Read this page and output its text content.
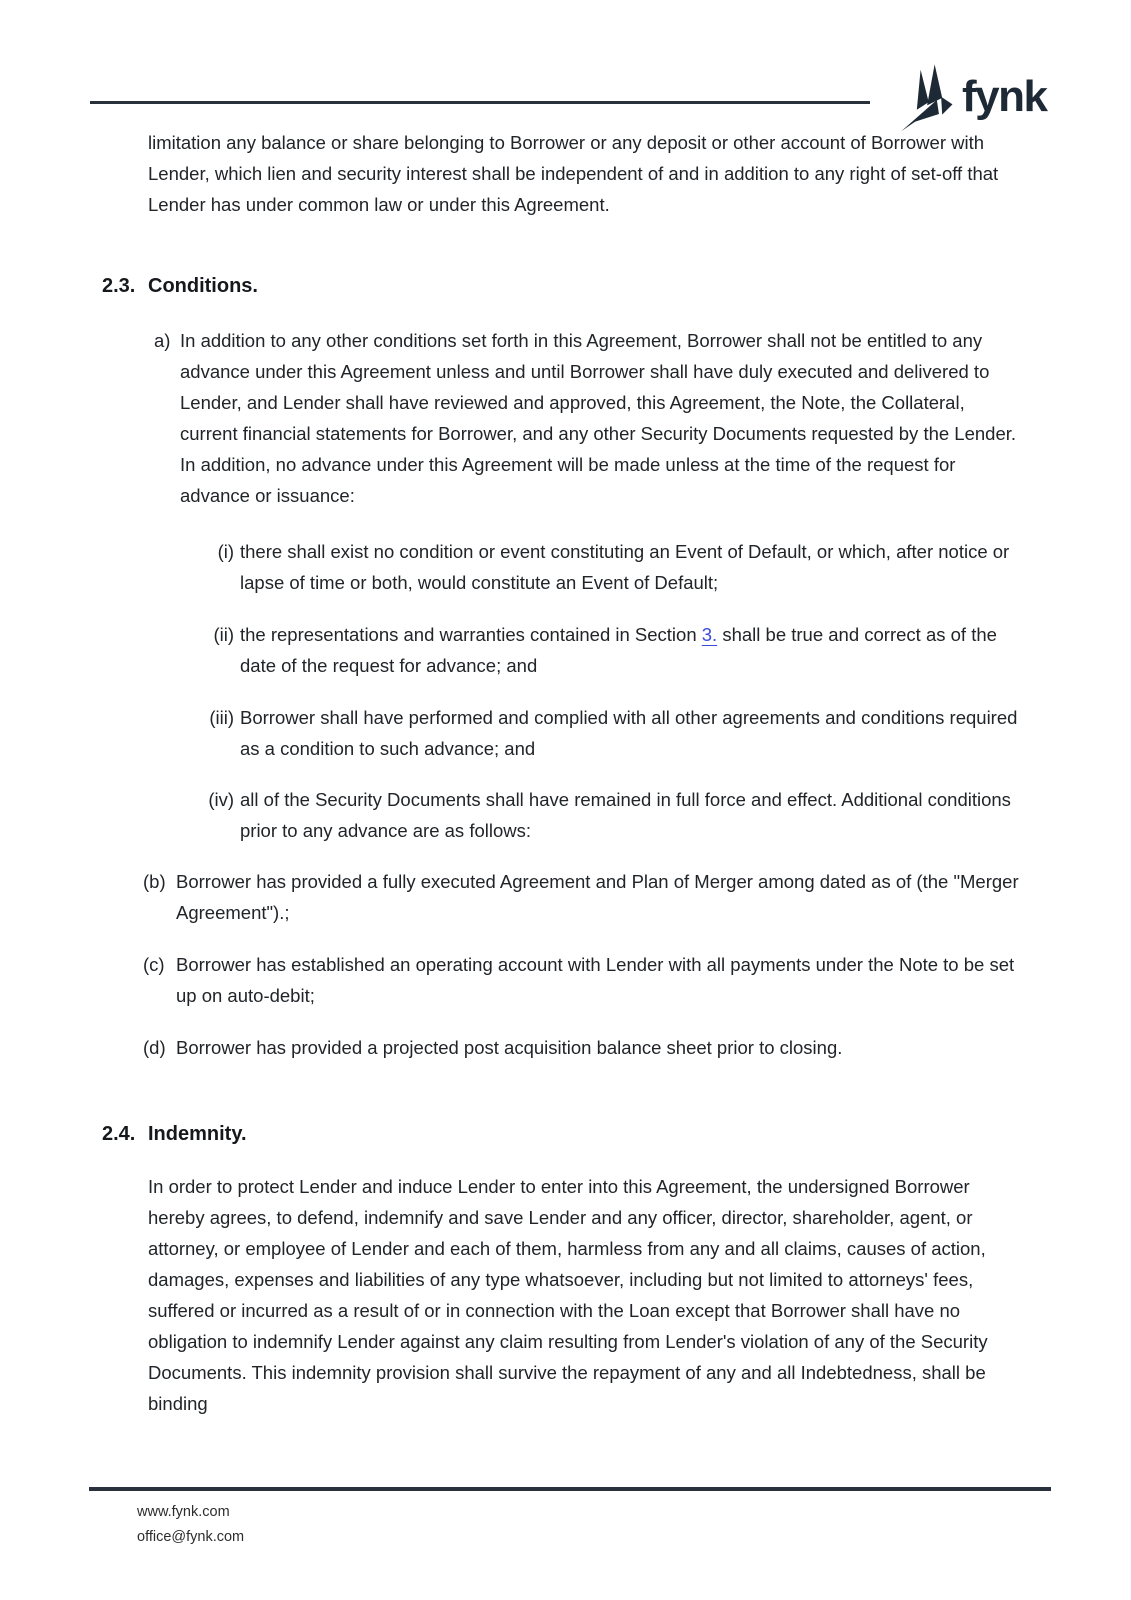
fynk

limitation any balance or share belonging to Borrower or any deposit or other account of Borrower with Lender, which lien and security interest shall be independent of and in addition to any right of set-off that Lender has under common law or under this Agreement.

2.3. Conditions.
a) In addition to any other conditions set forth in this Agreement, Borrower shall not be entitled to any advance under this Agreement unless and until Borrower shall have duly executed and delivered to Lender, and Lender shall have reviewed and approved, this Agreement, the Note, the Collateral, current financial statements for Borrower, and any other Security Documents requested by the Lender. In addition, no advance under this Agreement will be made unless at the time of the request for advance or issuance:
(i) there shall exist no condition or event constituting an Event of Default, or which, after notice or lapse of time or both, would constitute an Event of Default;
(ii) the representations and warranties contained in Section 3. shall be true and correct as of the date of the request for advance; and
(iii) Borrower shall have performed and complied with all other agreements and conditions required as a condition to such advance; and
(iv) all of the Security Documents shall have remained in full force and effect. Additional conditions prior to any advance are as follows:
(b) Borrower has provided a fully executed Agreement and Plan of Merger among dated as of (the "Merger Agreement").;
(c) Borrower has established an operating account with Lender with all payments under the Note to be set up on auto-debit;
(d) Borrower has provided a projected post acquisition balance sheet prior to closing.
2.4. Indemnity.

In order to protect Lender and induce Lender to enter into this Agreement, the undersigned Borrower hereby agrees, to defend, indemnify and save Lender and any officer, director, shareholder, agent, or attorney, or employee of Lender and each of them, harmless from any and all claims, causes of action, damages, expenses and liabilities of any type whatsoever, including but not limited to attorneys' fees, suffered or incurred as a result of or in connection with the Loan except that Borrower shall have no obligation to indemnify Lender against any claim resulting from Lender's violation of any of the Security Documents. This indemnity provision shall survive the repayment of any and all Indebtedness, shall be binding

www.fynk.com
office@fynk.com
